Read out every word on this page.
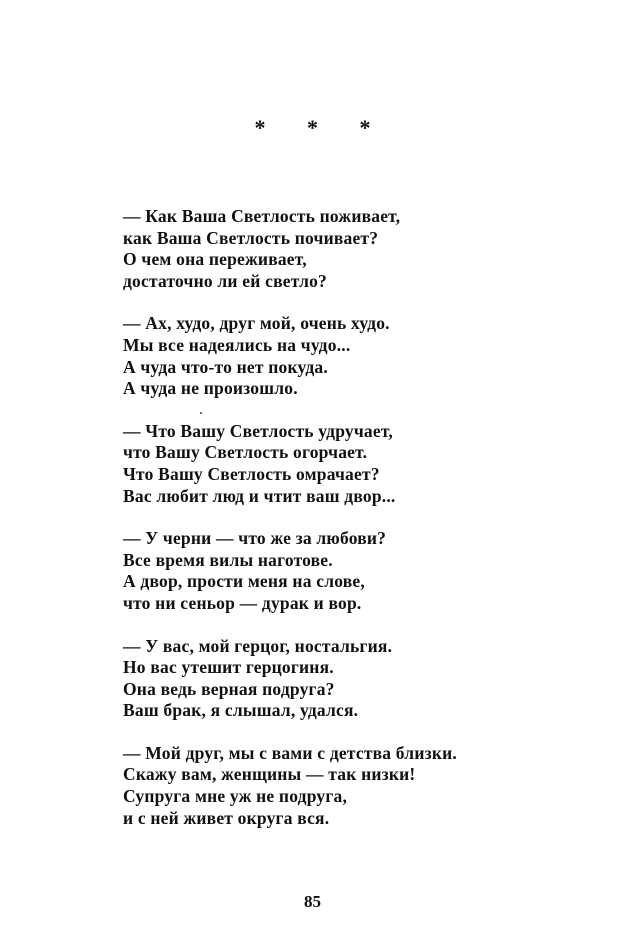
* * *
— Как Ваша Светлость поживает,
как Ваша Светлость почивает?
О чем она переживает,
достаточно ли ей светло?
— Ах, худо, друг мой, очень худо.
Мы все надеялись на чудо...
А чуда что-то нет покуда.
А чуда не произошло.
— Что Вашу Светлость удручает,
что Вашу Светлость огорчает.
Что Вашу Светлость омрачает?
Вас любит люд и чтит ваш двор...
— У черни — что же за любови?
Все время вилы наготове.
А двор, прости меня на слове,
что ни сеньор — дурак и вор.
— У вас, мой герцог, ностальгия.
Но вас утешит герцогиня.
Она ведь верная подруга?
Ваш брак, я слышал, удался.
— Мой друг, мы с вами с детства близки.
Скажу вам, женщины — так низки!
Супруга мне уж не подруга,
и с ней живет округа вся.
85
